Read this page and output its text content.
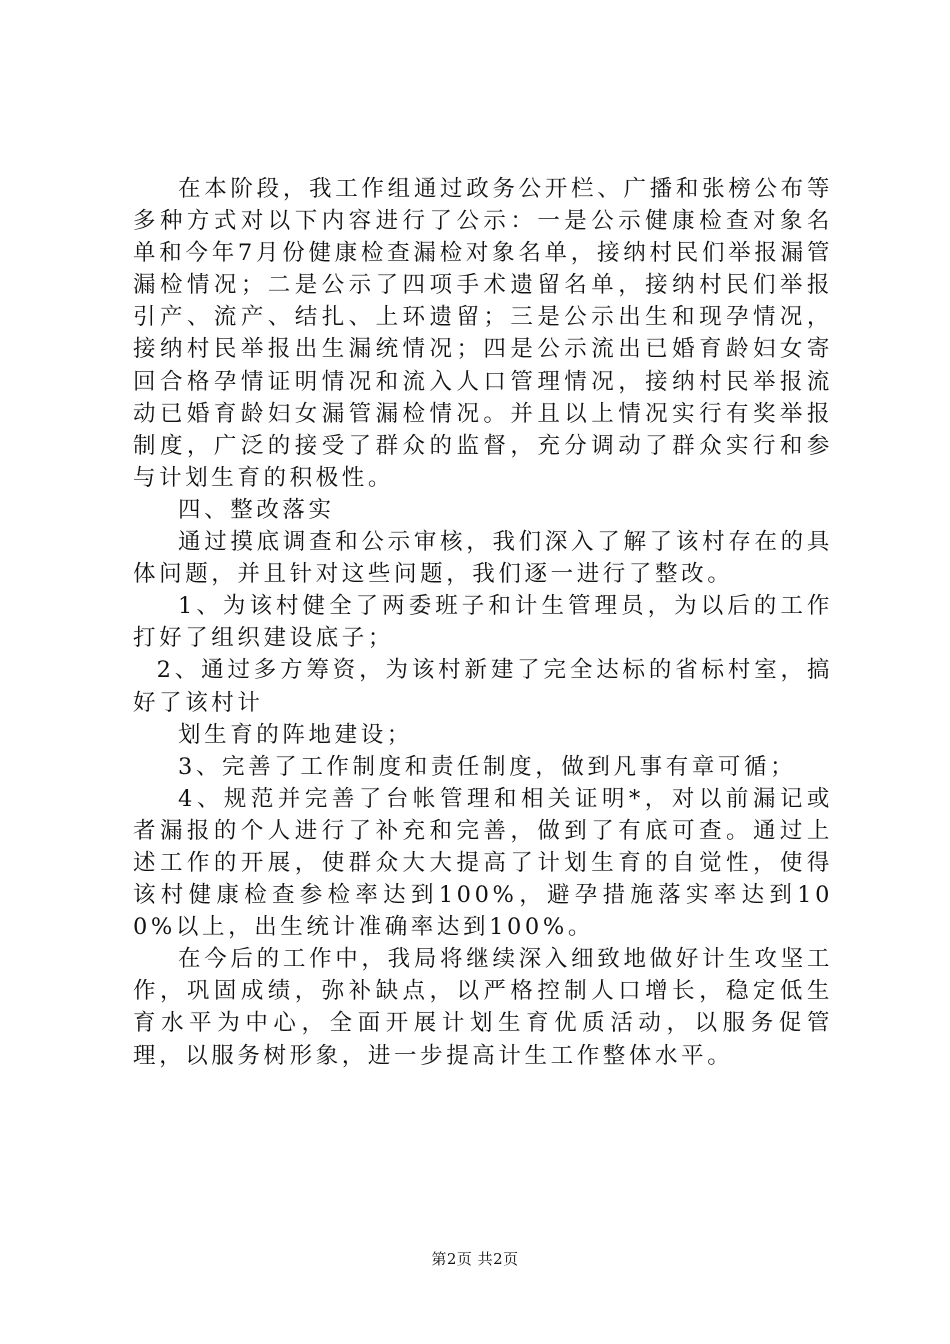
在本阶段，我工作组通过政务公开栏、广播和张榜公布等多种方式对以下内容进行了公示：一是公示健康检查对象名单和今年7月份健康检查漏检对象名单，接纳村民们举报漏管漏检情况；二是公示了四项手术遗留名单，接纳村民们举报引产、流产、结扎、上环遗留；三是公示出生和现孕情况，接纳村民举报出生漏统情况；四是公示流出已婚育龄妇女寄回合格孕情证明情况和流入人口管理情况，接纳村民举报流动已婚育龄妇女漏管漏检情况。并且以上情况实行有奖举报制度，广泛的接受了群众的监督，充分调动了群众实行和参与计划生育的积极性。

四、整改落实

通过摸底调查和公示审核，我们深入了解了该村存在的具体问题，并且针对这些问题，我们逐一进行了整改。

1、为该村健全了两委班子和计生管理员，为以后的工作打好了组织建设底子；

2、通过多方筹资，为该村新建了完全达标的省标村室，搞好了该村计

划生育的阵地建设；

3、完善了工作制度和责任制度，做到凡事有章可循；

4、规范并完善了台帐管理和相关证明*，对以前漏记或者漏报的个人进行了补充和完善，做到了有底可查。通过上述工作的开展，使群众大大提高了计划生育的自觉性，使得该村健康检查参检率达到100%，避孕措施落实率达到100%以上，出生统计准确率达到100%。

在今后的工作中，我局将继续深入细致地做好计生攻坚工作，巩固成绩，弥补缺点，以严格控制人口增长，稳定低生育水平为中心，全面开展计划生育优质活动，以服务促管理，以服务树形象，进一步提高计生工作整体水平。

第2页 共2页
